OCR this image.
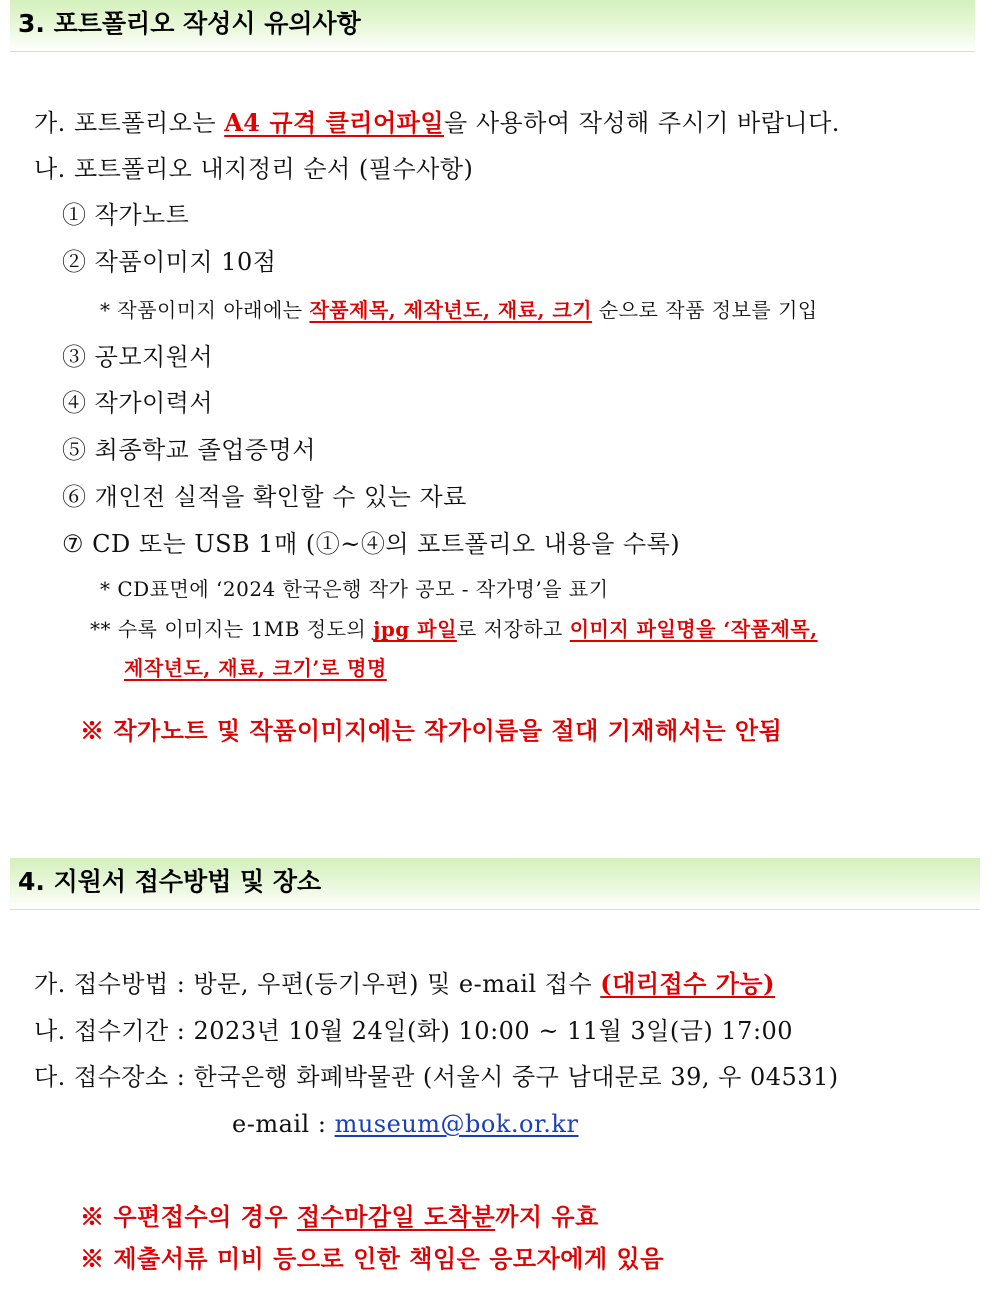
3. 포트폴리오 작성시 유의사항
가. 포트폴리오는 A4 규격 클리어파일을 사용하여 작성해 주시기 바랍니다.
나. 포트폴리오 내지정리 순서 (필수사항)
① 작가노트
② 작품이미지 10점
* 작품이미지 아래에는 작품제목, 제작년도, 재료, 크기 순으로 작품 정보를 기입
③ 공모지원서
④ 작가이력서
⑤ 최종학교 졸업증명서
⑥ 개인전 실적을 확인할 수 있는 자료
⑦ CD 또는 USB 1매 (①~④의 포트폴리오 내용을 수록)
* CD표면에 ‘2024 한국은행 작가 공모 - 작가명’을 표기
** 수록 이미지는 1MB 정도의 jpg 파일로 저장하고 이미지 파일명을 ‘작품제목,
제작년도, 재료, 크기’로 명명
※ 작가노트 및 작품이미지에는 작가이름을 절대 기재해서는 안됨
4. 지원서 접수방법 및 장소
가. 접수방법 : 방문, 우편(등기우편) 및 e-mail 접수 (대리접수 가능)
나. 접수기간 : 2023년 10월 24일(화) 10:00 ~ 11월 3일(금) 17:00
다. 접수장소 : 한국은행 화폐박물관 (서울시 중구 남대문로 39, 우 04531)
e-mail : museum@bok.or.kr
※ 우편접수의 경우 접수마감일 도착분까지 유효
※ 제출서류 미비 등으로 인한 책임은 응모자에게 있음
